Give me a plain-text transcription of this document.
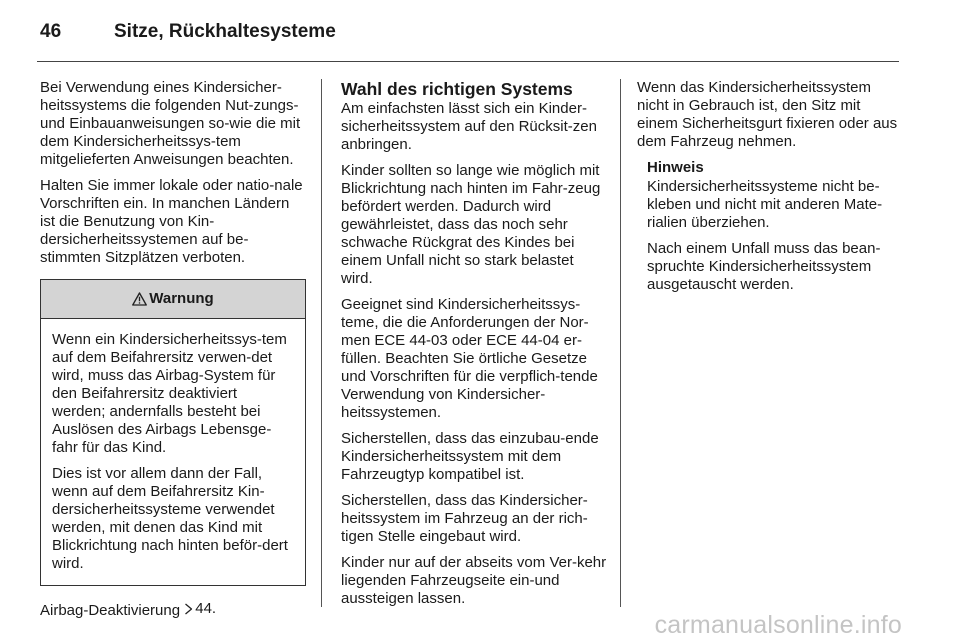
46	Sitze, Rückhaltesysteme

Bei Verwendung eines Kindersicher-heitssystems die folgenden Nut-zungs- und Einbauanweisungen so-wie die mit dem Kindersicherheitssys-tem mitgelieferten Anweisungen beachten.

Halten Sie immer lokale oder natio-nale Vorschriften ein. In manchen Ländern ist die Benutzung von Kin-dersicherheitssystemen auf be-stimmten Sitzplätzen verboten.

Warnung

Wenn ein Kindersicherheitssys-tem auf dem Beifahrersitz verwen-det wird, muss das Airbag-System für den Beifahrersitz deaktiviert werden; andernfalls besteht bei Auslösen des Airbags Lebensge-fahr für das Kind.

Dies ist vor allem dann der Fall, wenn auf dem Beifahrersitz Kin-dersicherheitssysteme verwendet werden, mit denen das Kind mit Blickrichtung nach hinten beför-dert wird.

Airbag-Deaktivierung 44.

Wahl des richtigen Systems

Am einfachsten lässt sich ein Kinder-sicherheitssystem auf den Rücksit-zen anbringen.

Kinder sollten so lange wie möglich mit Blickrichtung nach hinten im Fahr-zeug befördert werden. Dadurch wird gewährleistet, dass das noch sehr schwache Rückgrat des Kindes bei einem Unfall nicht so stark belastet wird.

Geeignet sind Kindersicherheitssys-teme, die die Anforderungen der Nor-men ECE 44-03 oder ECE 44-04 er-füllen. Beachten Sie örtliche Gesetze und Vorschriften für die verpflich-tende Verwendung von Kindersicher-heitssystemen.

Sicherstellen, dass das einzubau-ende Kindersicherheitssystem mit dem Fahrzeugtyp kompatibel ist.

Sicherstellen, dass das Kindersicher-heitssystem im Fahrzeug an der rich-tigen Stelle eingebaut wird.

Kinder nur auf der abseits vom Ver-kehr liegenden Fahrzeugseite ein-und aussteigen lassen.

Wenn das Kindersicherheitssystem nicht in Gebrauch ist, den Sitz mit einem Sicherheitsgurt fixieren oder aus dem Fahrzeug nehmen.

Hinweis

Kindersicherheitssysteme nicht be-kleben und nicht mit anderen Mate-rialien überziehen.

Nach einem Unfall muss das bean-spruchte Kindersicherheitssystem ausgetauscht werden.

carmanualsonline.info
